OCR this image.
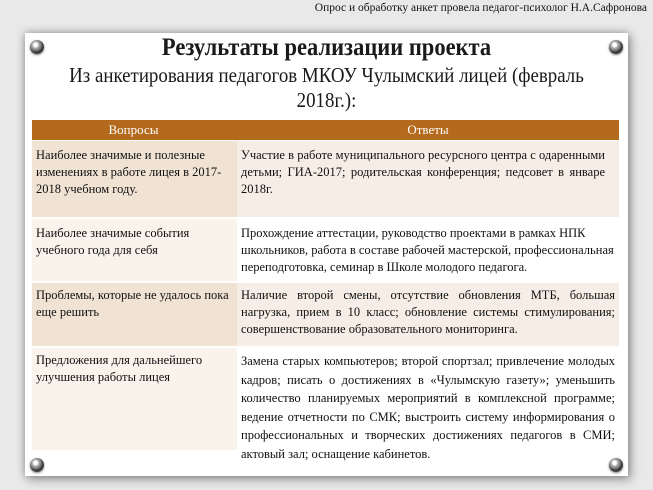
Опрос и обработку анкет провела педагог-психолог Н.А.Сафронова
Результаты реализации проекта
Из анкетирования педагогов МКОУ Чулымский лицей (февраль 2018г.):
Вопросы	Ответы
Наиболее значимые и полезные изменениях в работе лицея в 2017-2018 учебном году.
Участие в работе муниципального ресурсного центра с одаренными детьми; ГИА-2017; родительская конференция; педсовет в январе 2018г.
Наиболее значимые события учебного года для себя
Прохождение аттестации, руководство проектами в рамках НПК школьников, работа в составе рабочей мастерской, профессиональная переподготовка, семинар в Школе молодого педагога.
Проблемы, которые не удалось пока еще решить
Наличие второй смены, отсутствие обновления МТБ, большая нагрузка, прием в 10 класс; обновление системы стимулирования; совершенствование образовательного мониторинга.
Предложения для дальнейшего улучшения работы лицея
Замена старых компьютеров; второй спортзал; привлечение молодых кадров; писать о достижениях в «Чулымскую газету»; уменьшить количество планируемых мероприятий в комплексной программе; ведение отчетности по СМК; выстроить систему информирования о профессиональных и творческих достижениях педагогов в СМИ; актовый зал; оснащение кабинетов.
